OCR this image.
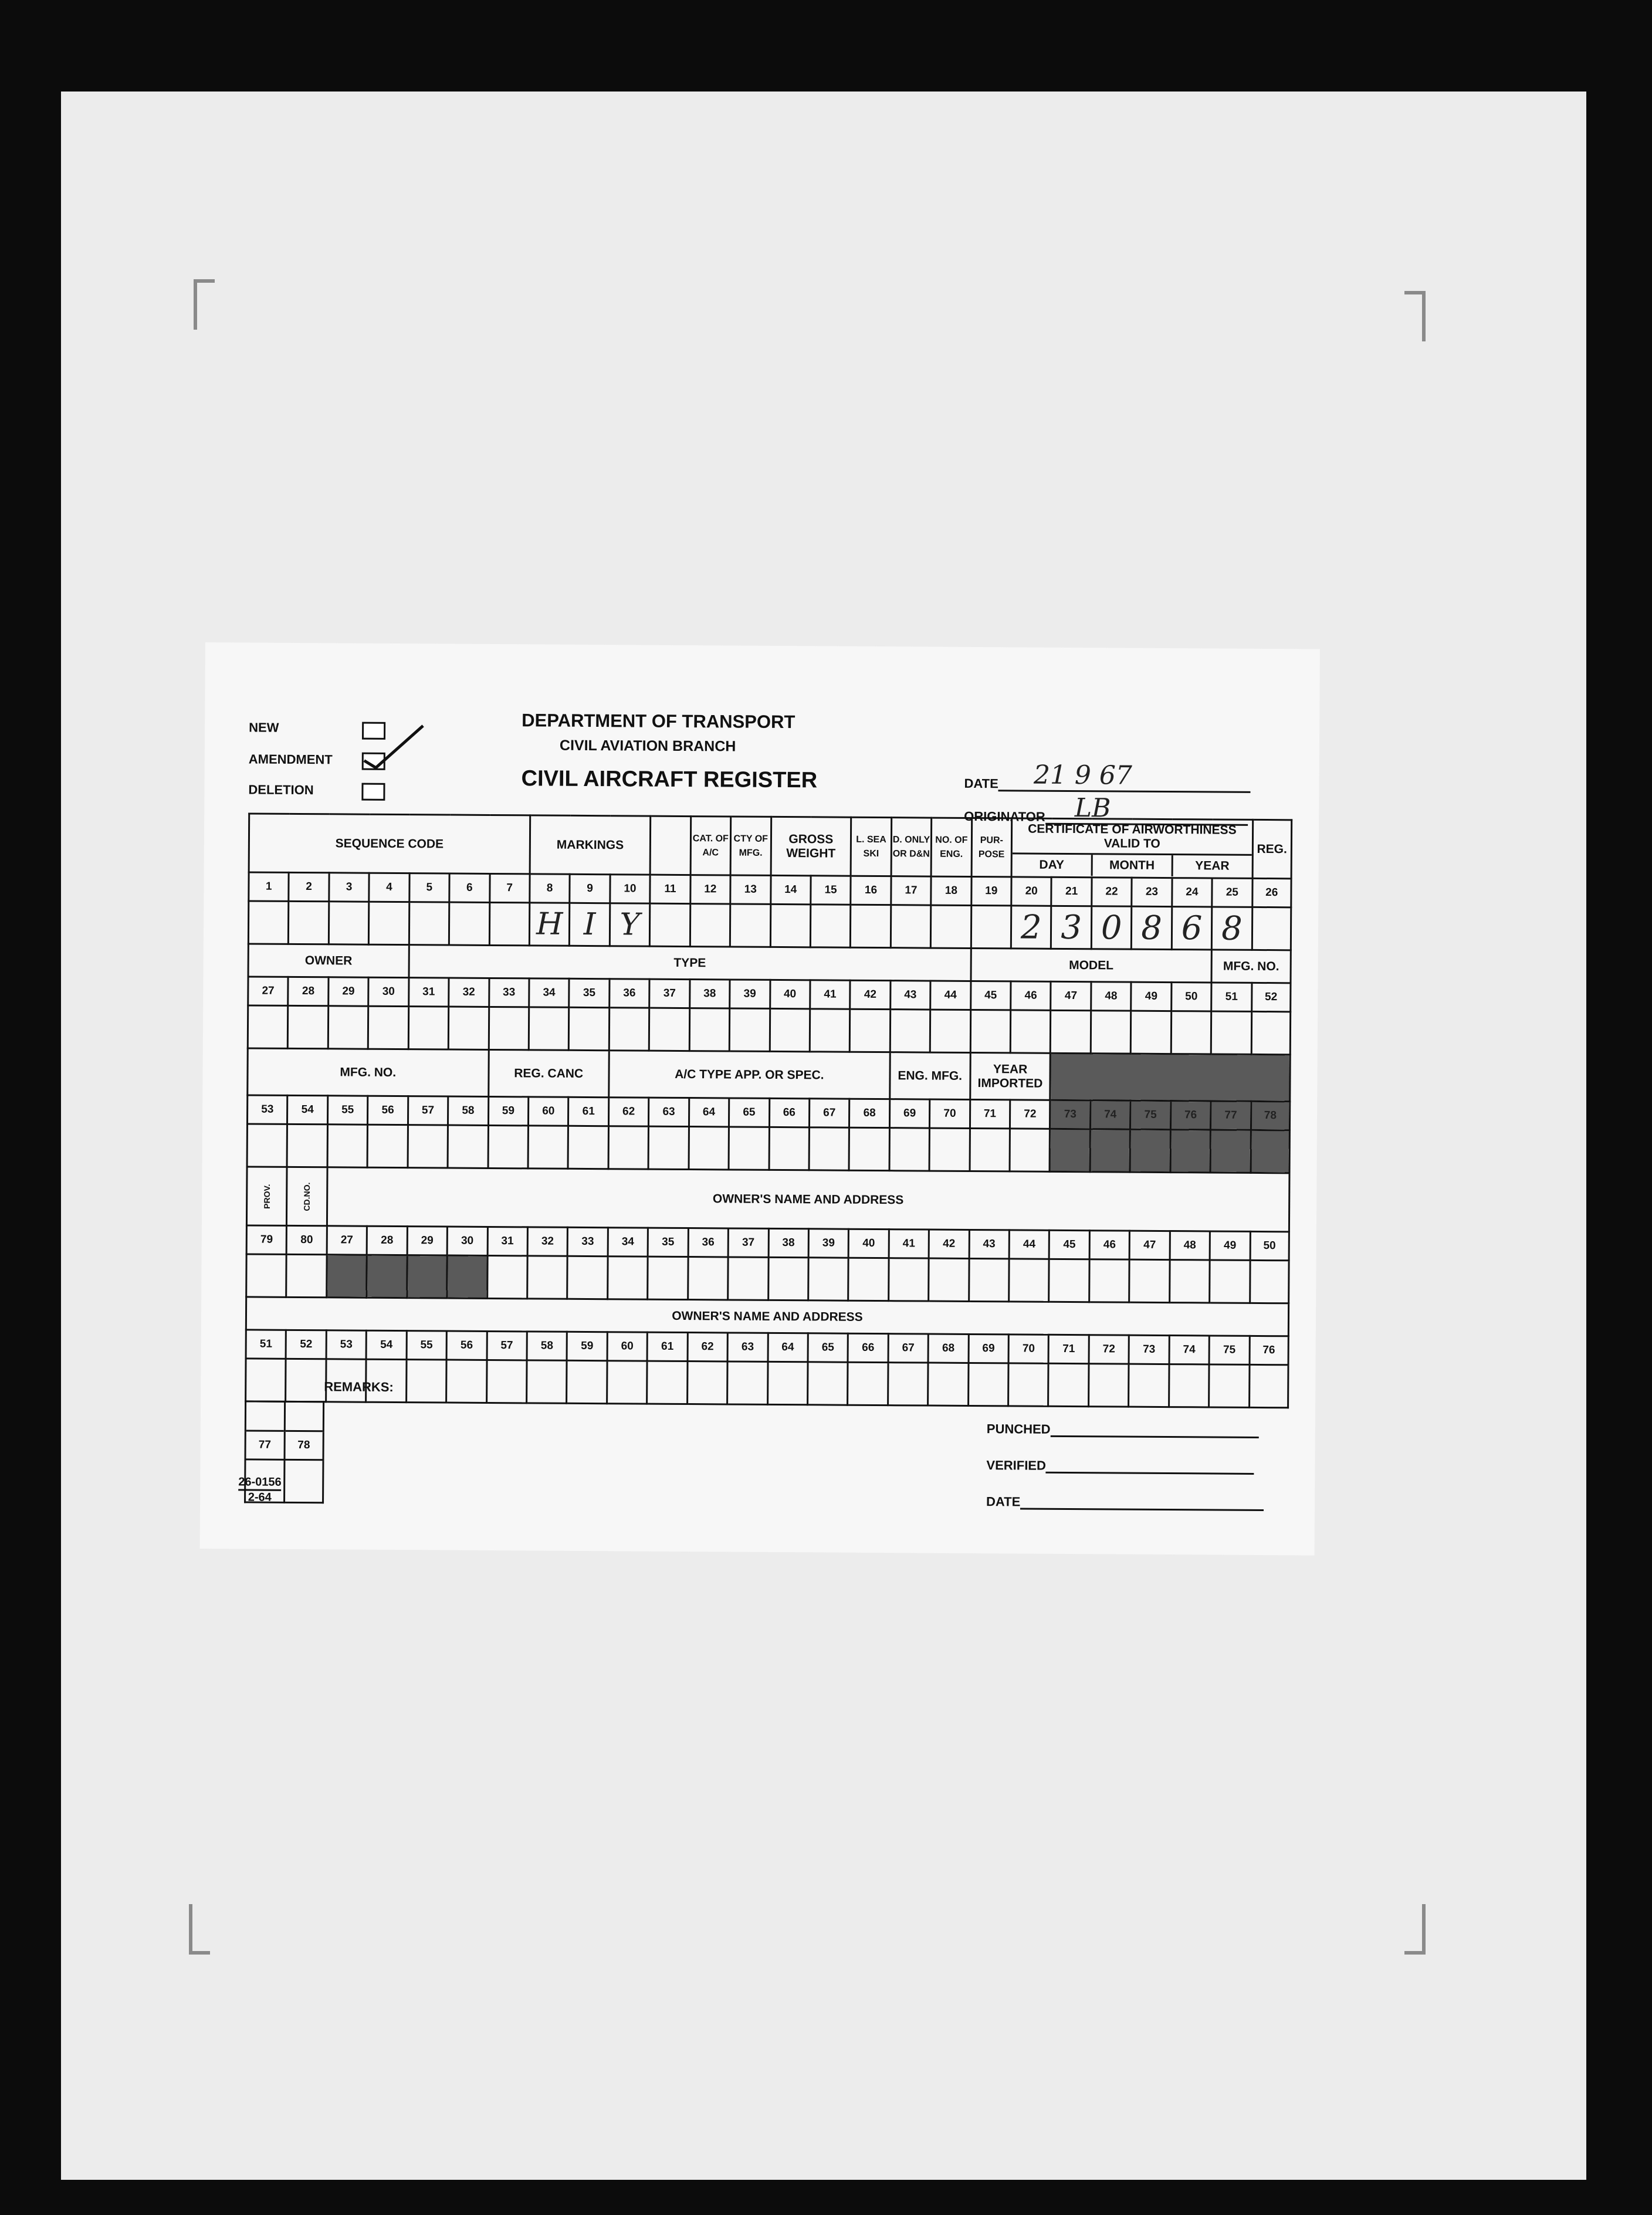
NEW
AMENDMENT
DELETION
DEPARTMENT OF TRANSPORT
CIVIL AVIATION BRANCH
CIVIL AIRCRAFT REGISTER	DATE 21 9 67
ORIGINATOR LB
SEQUENCE CODE							MARKINGS				CAT. OF A/C	CTY OF MFG.	GROSS WEIGHT		L. SEA SKI	D. ONLY OR D&N	NO. OF ENG.	PUR- POSE	CERTIFICATE OF AIRWORTHINESS VALID TO
DAY MONTH YEAR						REG.
1	2	3	4	5	6	7	8	9	10	11	12	13	14	15	16	17	18	19	20	21	22	23	24	25	26
							H	I	Y										2	3	0	8	6	8	
OWNER				TYPE														MODEL						MFG. NO.	
27	28	29	30	31	32	33	34	35	36	37	38	39	40	41	42	43	44	45	46	47	48	49	50	51	52

MFG. NO.						REG. CANC			A/C TYPE APP. OR SPEC.							ENG. MFG.		YEAR IMPORTED							
53	54	55	56	57	58	59	60	61	62	63	64	65	66	67	68	69	70	71	72	73	74	75	76	77	78

PROV.	CD.NO.	OWNER'S NAME AND ADDRESS																							
79	80	27	28	29	30	31	32	33	34	35	36	37	38	39	40	41	42	43	44	45	46	47	48	49	50

OWNER'S NAME AND ADDRESS																									
51	52	53	54	55	56	57	58	59	60	61	62	63	64	65	66	67	68	69	70	71	72	73	74	75	76

77	78

REMARKS:
PUNCHED
VERIFIED
DATE
26-0156
2-64
